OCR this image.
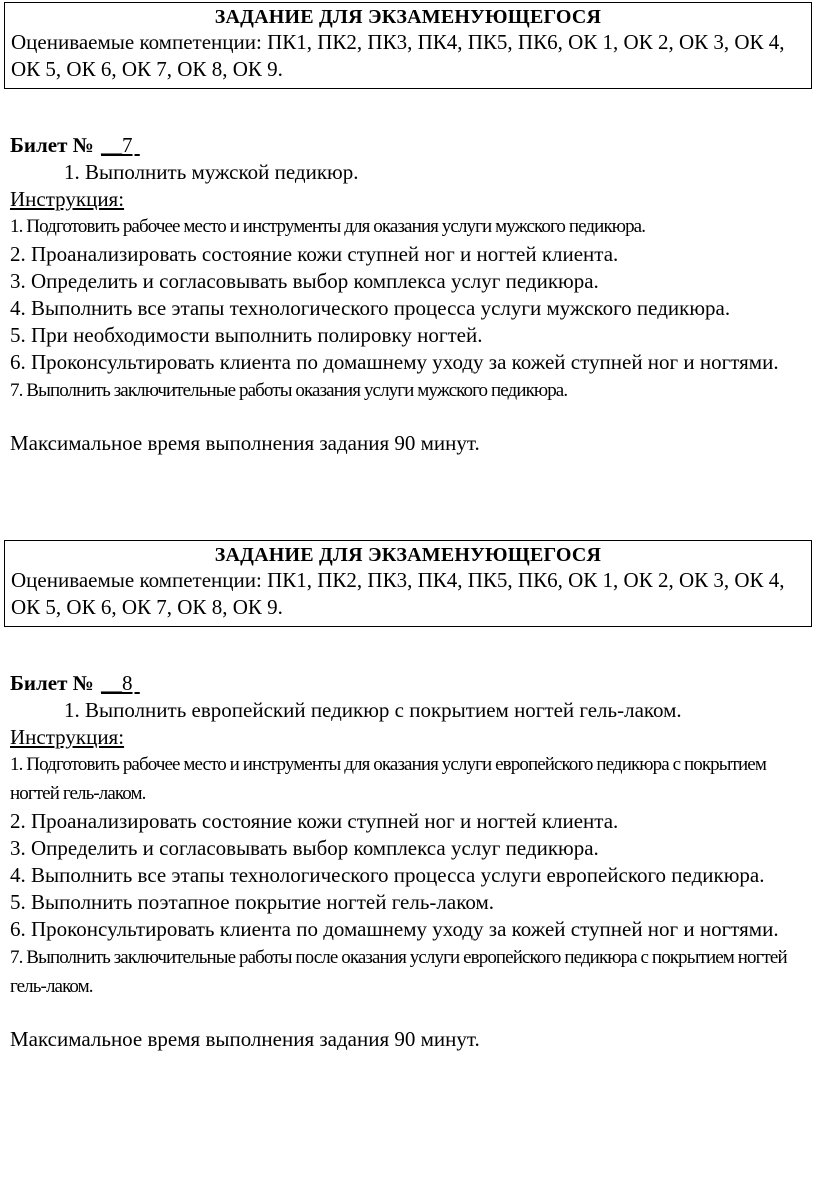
ЗАДАНИЕ ДЛЯ ЭКЗАМЕНУЮЩЕГОСЯ
Оцениваемые компетенции: ПК1, ПК2, ПК3, ПК4, ПК5, ПК6, ОК 1, ОК 2, ОК 3, ОК 4, ОК 5, ОК 6, ОК 7, ОК 8, ОК 9.
Билет № __7
1. Выполнить мужской педикюр.
Инструкция:
1. Подготовить рабочее место и инструменты для оказания услуги мужского педикюра.
2. Проанализировать состояние кожи ступней ног и ногтей клиента.
3. Определить и согласовывать выбор комплекса услуг педикюра.
4. Выполнить все этапы технологического процесса услуги мужского педикюра.
5. При необходимости выполнить полировку ногтей.
6. Проконсультировать клиента по домашнему уходу за кожей ступней ног и ногтями.
7. Выполнить заключительные работы оказания услуги мужского педикюра.
Максимальное время выполнения задания 90 минут.
ЗАДАНИЕ ДЛЯ ЭКЗАМЕНУЮЩЕГОСЯ
Оцениваемые компетенции: ПК1, ПК2, ПК3, ПК4, ПК5, ПК6, ОК 1, ОК 2, ОК 3, ОК 4, ОК 5, ОК 6, ОК 7, ОК 8, ОК 9.
Билет № __8
1. Выполнить европейский педикюр с покрытием ногтей гель-лаком.
Инструкция:
1. Подготовить рабочее место и инструменты для оказания услуги европейского педикюра с покрытием ногтей гель-лаком.
2. Проанализировать состояние кожи ступней ног и ногтей клиента.
3. Определить и согласовывать выбор комплекса услуг педикюра.
4. Выполнить все этапы технологического процесса услуги европейского педикюра.
5. Выполнить поэтапное покрытие ногтей гель-лаком.
6. Проконсультировать клиента по домашнему уходу за кожей ступней ног и ногтями.
7. Выполнить заключительные работы после оказания услуги европейского педикюра с покрытием ногтей гель-лаком.
Максимальное время выполнения задания 90 минут.
